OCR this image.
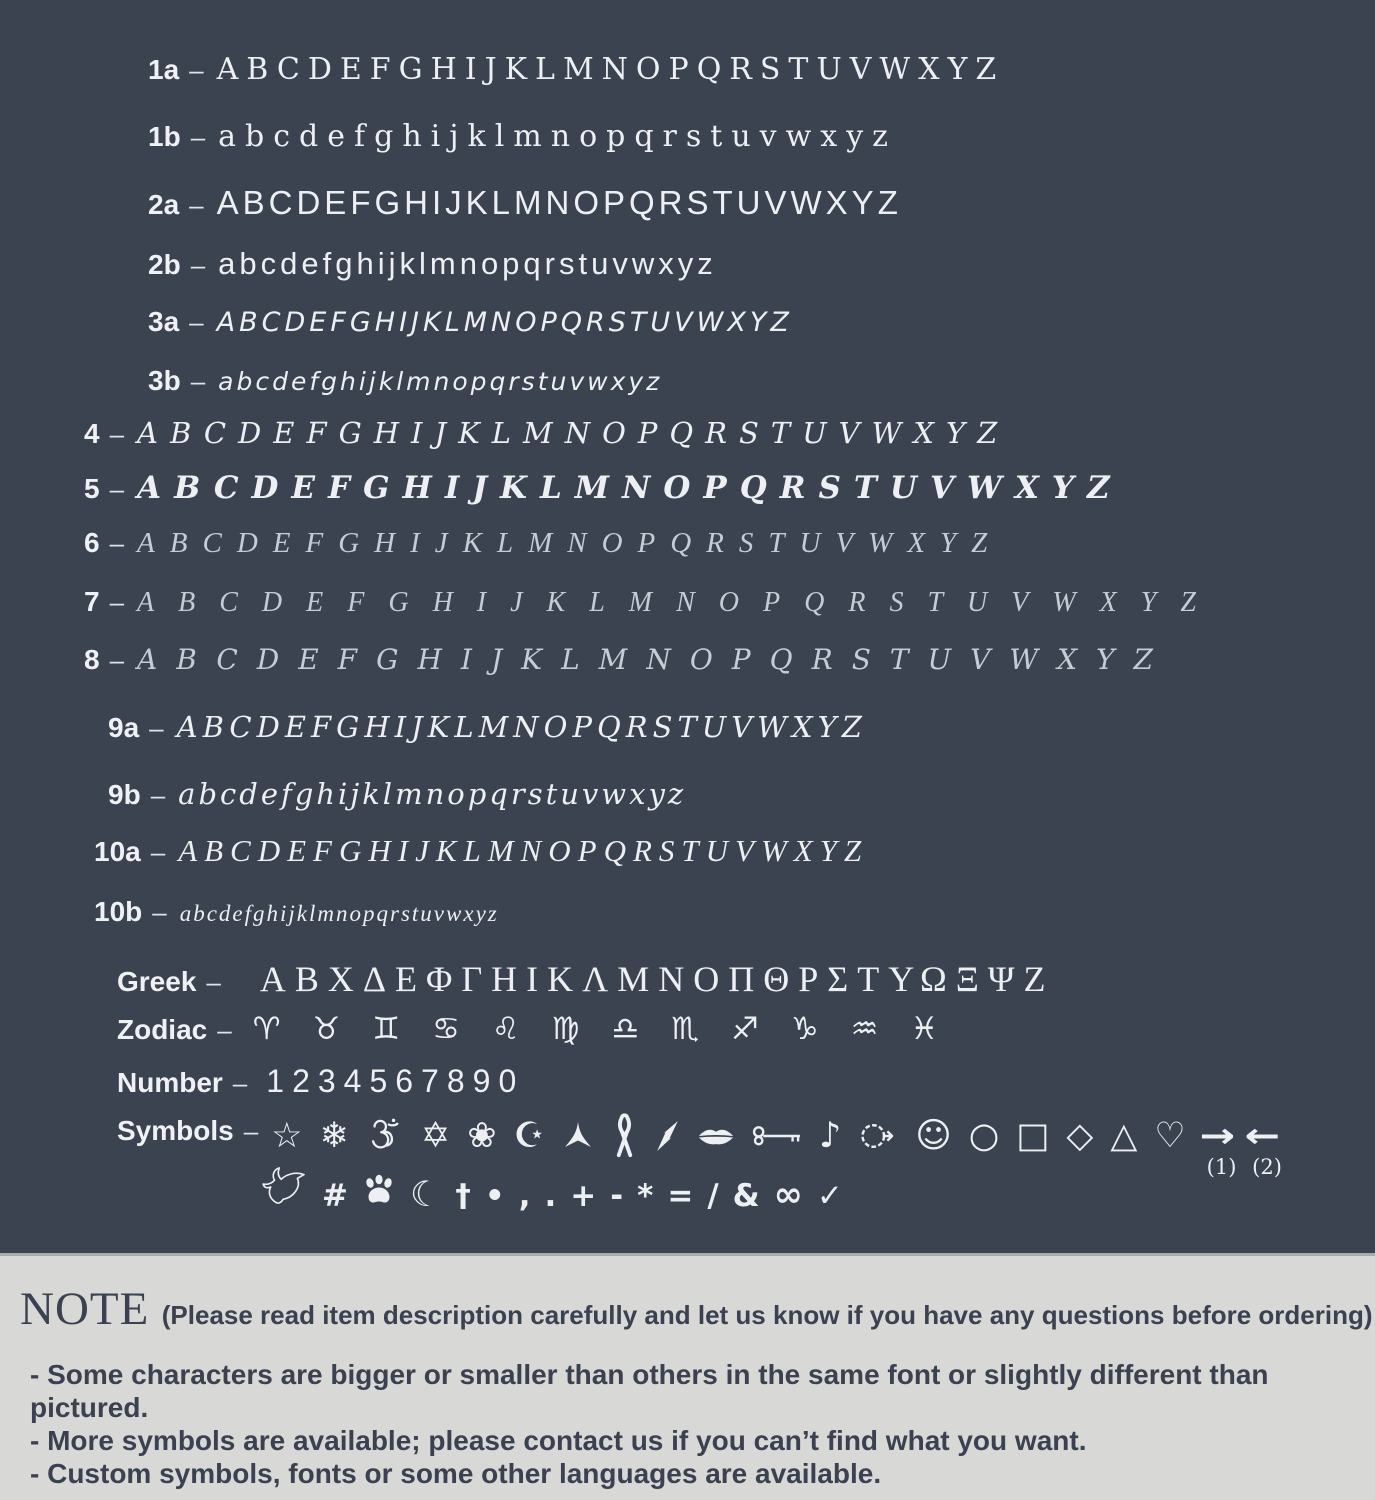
1a – ABCDEFGHIJKLMNOPQRSTUVWXYZ
1b – abcdefghijklmnopqrstuvwxyz
2a – ABCDEFGHIJKLMNOPQRSTUVWXYZ
2b – abcdefghijklmnopqrstuvwxyz
3a – ABCDEFGHIJKLMNOPQRSTUVWXYZ
3b – abcdefghijklmnopqrstuvwxyz
4 – ABCDEFGHIJKLMNOPQRSTUVWXYZ
5 – ABCDEFGHIJKLMNOPQRSTUVWXYZ
6 – ABCDEFGHIJKLMNOPQRSTUVWXYZ
7 – ABCDEFGHIJKLMNOPQRSTUVWXYZ
8 – ABCDEFGHIJKLMNOPQRSTUVWXYZ
9a – ABCDEFGHIJKLMNOPQRSTUVWXYZ
9b – abcdefghijklmnopqrstuvwxyz
10a – ABCDEFGHIJKLMNOPQRSTUVWXYZ
10b – abcdefghijklmnopqrstuvwxyz
Greek – ΑΒΧΔΕΦΓΗΙΚΛΜΝΟΠΘΡΣΤΥΩΞΨΖ
Zodiac – ♈♉♊♋♌♍♎♏♐♑♒♓
Number – 1234567890
Symbols – ☆ ❄ ✡ ❀ ☪	♪ ☺ ○ □ ◇ △ ♡ →
(1)
←
(2)
# ☾ † • , . + - * = / & ∞ ✓
NOTE (Please read item description carefully and let us know if you have any questions before ordering)
- Some characters are bigger or smaller than others in the same font or slightly different than pictured.
- More symbols are available; please contact us if you can’t find what you want.
- Custom symbols, fonts or some other languages are available.
